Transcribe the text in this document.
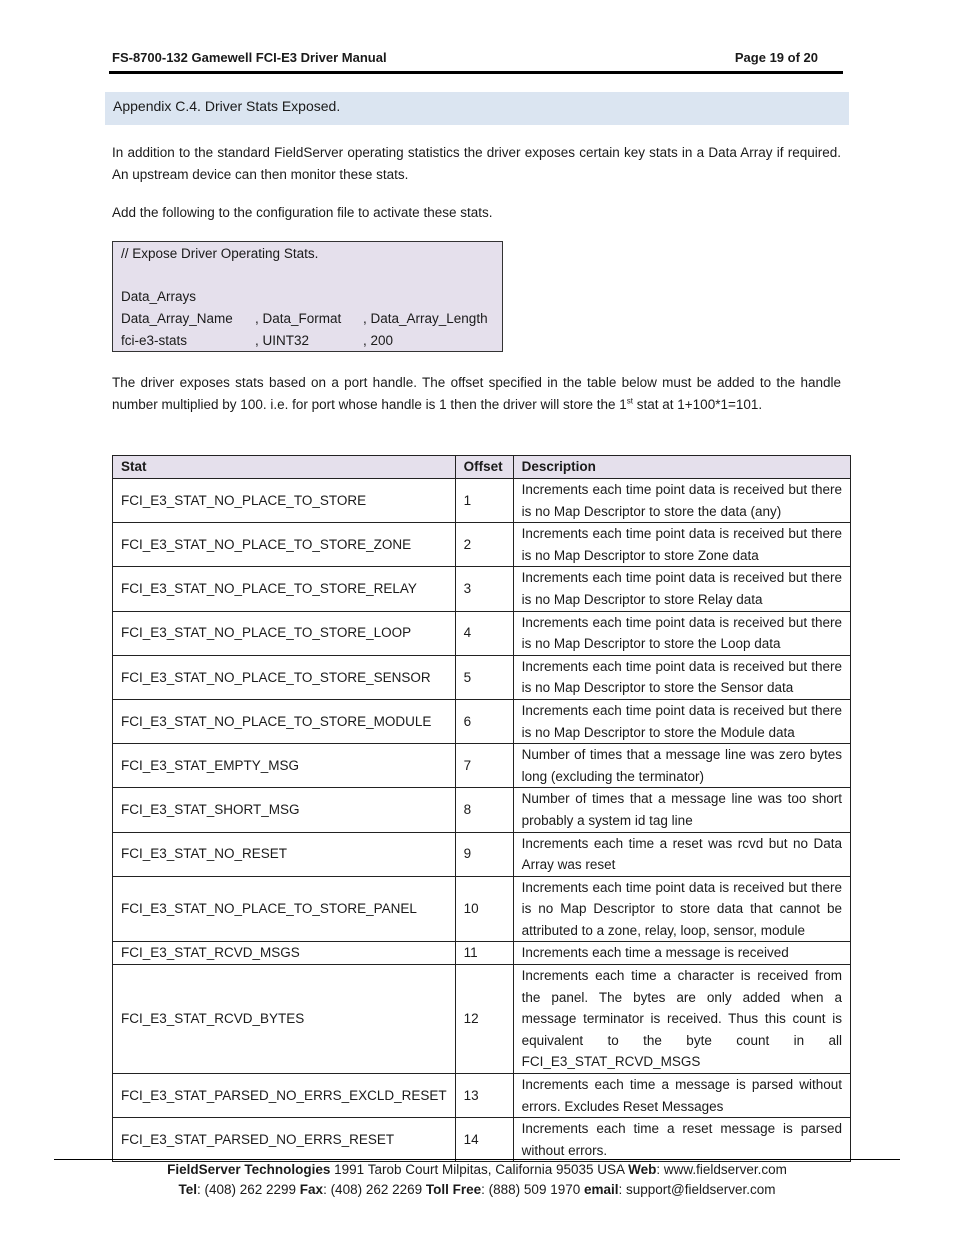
FS-8700-132 Gamewell FCI-E3 Driver Manual	Page 19 of 20
Appendix C.4. Driver Stats Exposed.
In addition to the standard FieldServer operating statistics the driver exposes certain key stats in a Data Array if required. An upstream device can then monitor these stats.
Add the following to the configuration file to activate these stats.
// Expose Driver Operating Stats.
Data_Arrays
Data_Array_Name , Data_Format , Data_Array_Length
fci-e3-stats	, UINT32	, 200
The driver exposes stats based on a port handle. The offset specified in the table below must be added to the handle number multiplied by 100. i.e. for port whose handle is 1 then the driver will store the 1st stat at 1+100*1=101.
Stat	Offset	Description
FCI_E3_STAT_NO_PLACE_TO_STORE	1	Increments each time point data is received but there is no Map Descriptor to store the data (any)
FCI_E3_STAT_NO_PLACE_TO_STORE_ZONE	2	Increments each time point data is received but there is no Map Descriptor to store Zone data
FCI_E3_STAT_NO_PLACE_TO_STORE_RELAY	3	Increments each time point data is received but there is no Map Descriptor to store Relay data
FCI_E3_STAT_NO_PLACE_TO_STORE_LOOP	4	Increments each time point data is received but there is no Map Descriptor to store the Loop data
FCI_E3_STAT_NO_PLACE_TO_STORE_SENSOR	5	Increments each time point data is received but there is no Map Descriptor to store the Sensor data
FCI_E3_STAT_NO_PLACE_TO_STORE_MODULE	6	Increments each time point data is received but there is no Map Descriptor to store the Module data
FCI_E3_STAT_EMPTY_MSG	7	Number of times that a message line was zero bytes long (excluding the terminator)
FCI_E3_STAT_SHORT_MSG	8	Number of times that a message line was too short probably a system id tag line
FCI_E3_STAT_NO_RESET	9	Increments each time a reset was rcvd but no Data Array was reset
FCI_E3_STAT_NO_PLACE_TO_STORE_PANEL	10	Increments each time point data is received but there is no Map Descriptor to store data that cannot be attributed to a zone, relay, loop, sensor, module
FCI_E3_STAT_RCVD_MSGS	11	Increments each time a message is received
FCI_E3_STAT_RCVD_BYTES	12	Increments each time a character is received from the panel. The bytes are only added when a message terminator is received. Thus this count is equivalent to the byte count in all FCI_E3_STAT_RCVD_MSGS
FCI_E3_STAT_PARSED_NO_ERRS_EXCLD_RESET	13	Increments each time a message is parsed without errors. Excludes Reset Messages
FCI_E3_STAT_PARSED_NO_ERRS_RESET	14	Increments each time a reset message is parsed without errors.
FieldServer Technologies 1991 Tarob Court Milpitas, California 95035 USA Web: www.fieldserver.com
Tel: (408) 262 2299 Fax: (408) 262 2269 Toll Free: (888) 509 1970 email: support@fieldserver.com
